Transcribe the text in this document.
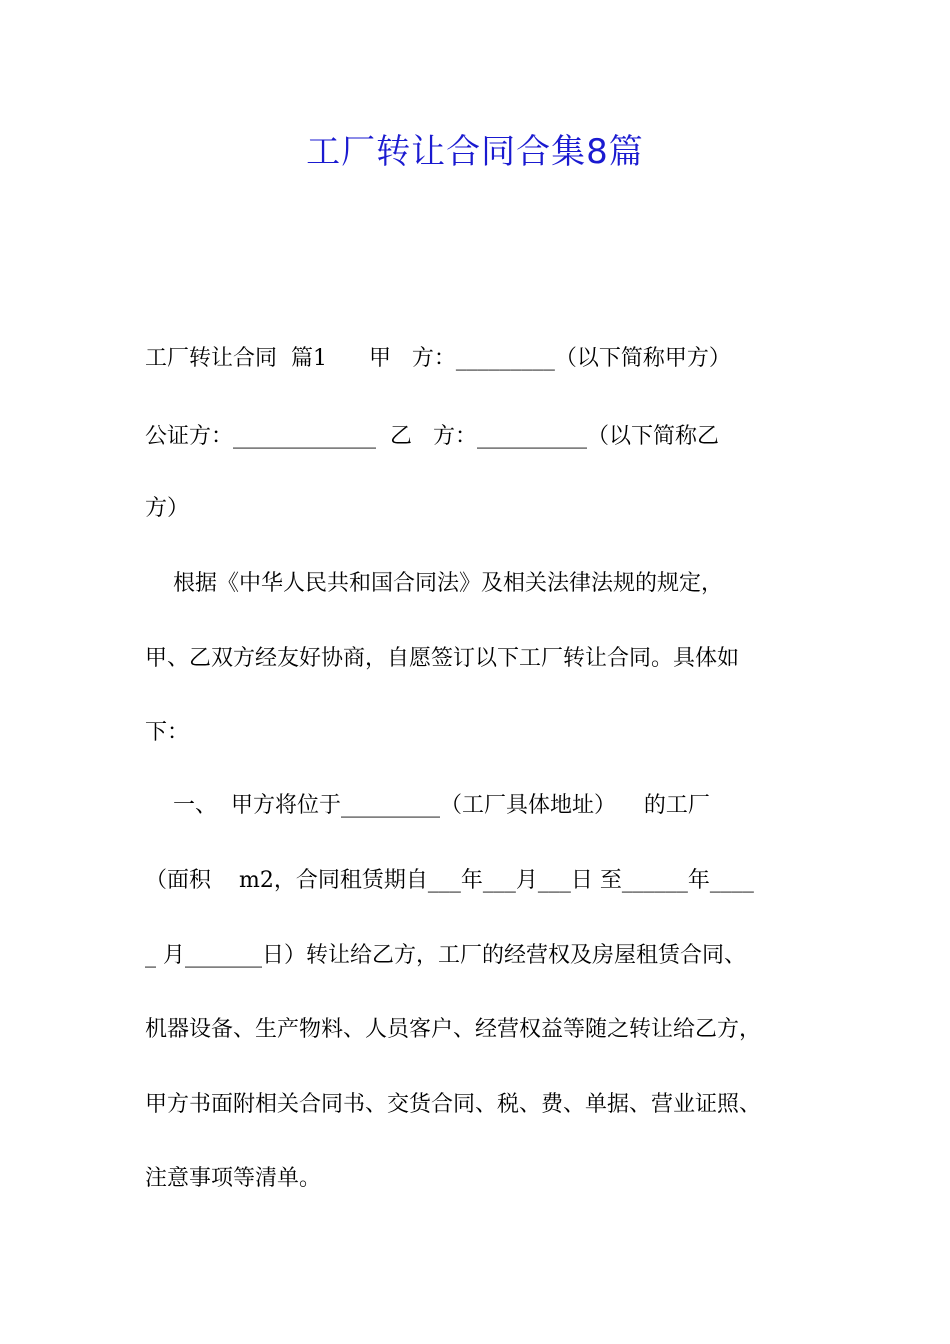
工厂转让合同合集8篇
工厂转让合同  篇1      甲   方：_________（以下简称甲方）
公证方：_____________  乙   方：__________（以下简称乙
方）
根据《中华人民共和国合同法》及相关法律法规的规定，
甲、乙双方经友好协商，自愿签订以下工厂转让合同。具体如
下：
一、  甲方将位于_________（工厂具体地址）    的工厂
（面积    m2，合同租赁期自___年___月___日 至______年____
_ 月_______日）转让给乙方，工厂的经营权及房屋租赁合同、
机器设备、生产物料、人员客户、经营权益等随之转让给乙方，
甲方书面附相关合同书、交货合同、税、费、单据、营业证照、
注意事项等清单。
